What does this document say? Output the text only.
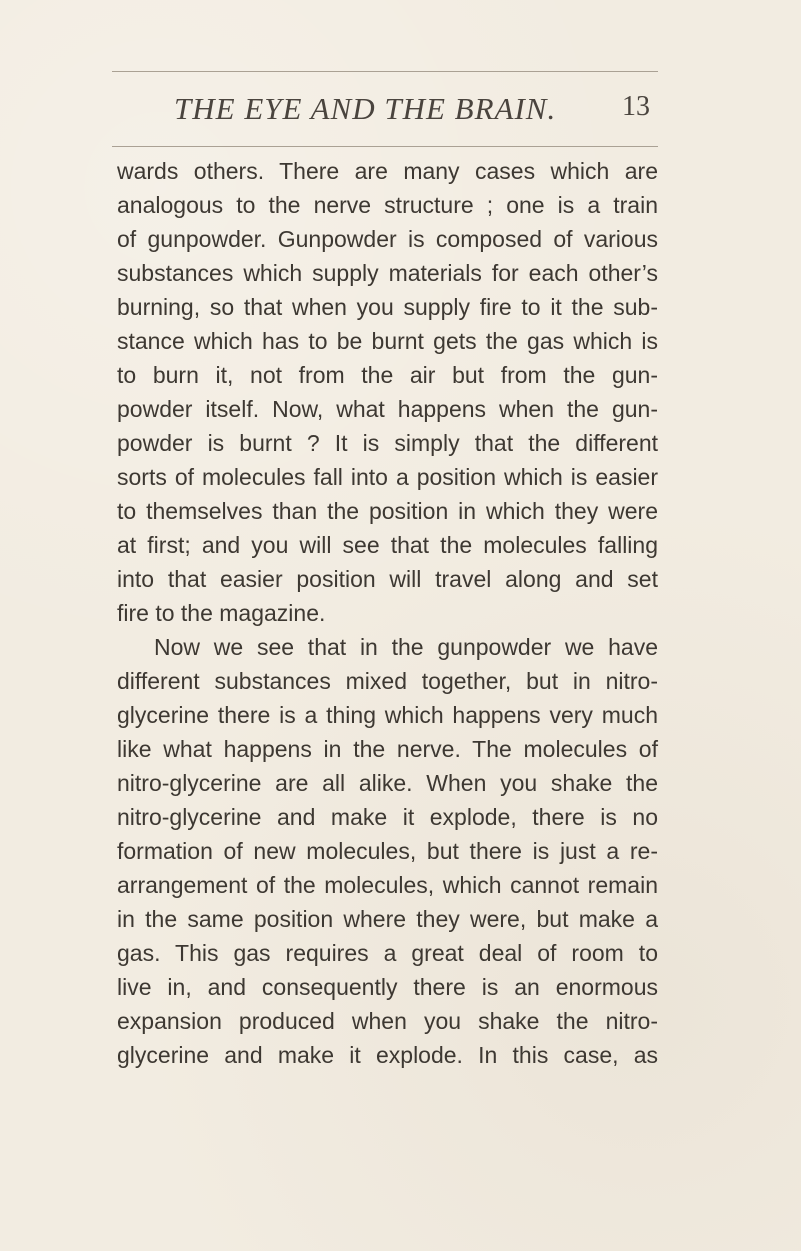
THE EYE AND THE BRAIN. 13
wards others. There are many cases which are
analogous to the nerve structure ; one is a train
of gunpowder. Gunpowder is composed of various
substances which supply materials for each other’s
burning, so that when you supply fire to it the sub-
stance which has to be burnt gets the gas which is
to burn it, not from the air but from the gun-
powder itself. Now, what happens when the gun-
powder is burnt ? It is simply that the different
sorts of molecules fall into a position which is easier
to themselves than the position in which they were
at first; and you will see that the molecules falling
into that easier position will travel along and set
fire to the magazine.
Now we see that in the gunpowder we have
different substances mixed together, but in nitro-
glycerine there is a thing which happens very much
like what happens in the nerve. The molecules of
nitro-glycerine are all alike. When you shake the
nitro-glycerine and make it explode, there is no
formation of new molecules, but there is just a re-
arrangement of the molecules, which cannot remain
in the same position where they were, but make a
gas. This gas requires a great deal of room to
live in, and consequently there is an enormous
expansion produced when you shake the nitro-
glycerine and make it explode. In this case, as
